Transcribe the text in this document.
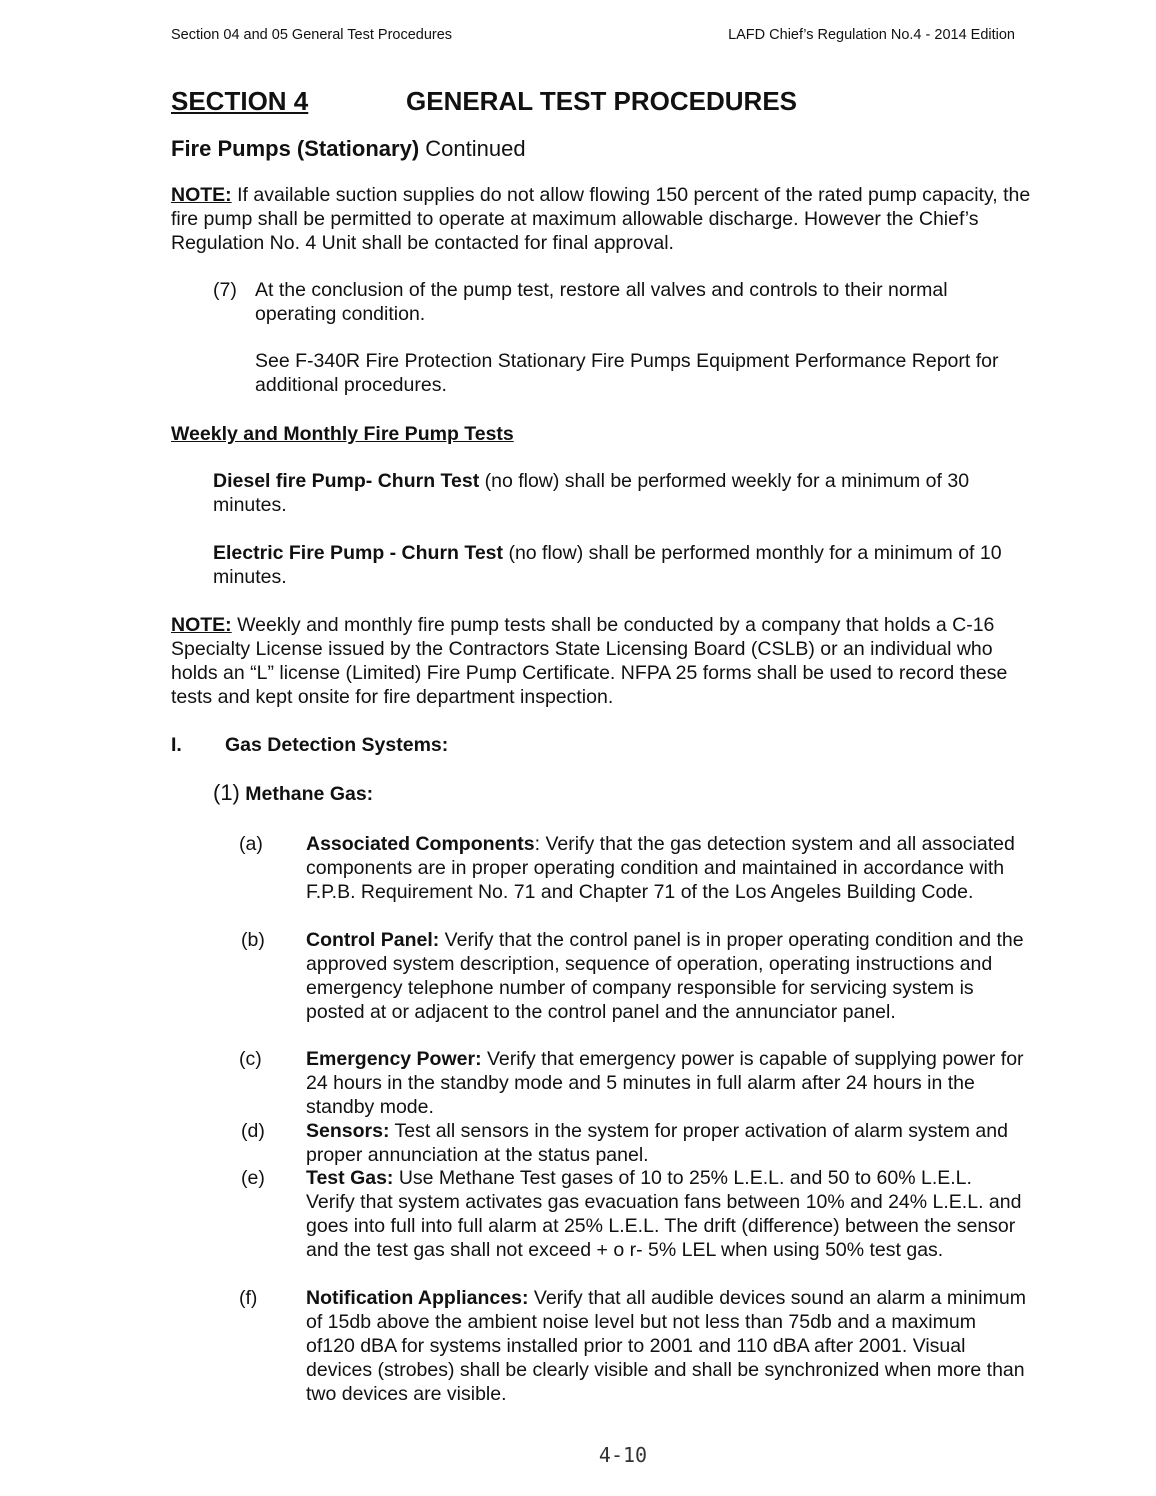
Section 04 and 05 General Test Procedures	LAFD Chief’s Regulation No.4 - 2014 Edition
SECTION 4	GENERAL TEST PROCEDURES
Fire Pumps (Stationary) Continued
NOTE: If available suction supplies do not allow flowing 150 percent of the rated pump capacity, the fire pump shall be permitted to operate at maximum allowable discharge. However the Chief’s Regulation No. 4 Unit shall be contacted for final approval.
(7) At the conclusion of the pump test, restore all valves and controls to their normal operating condition.
See F-340R Fire Protection Stationary Fire Pumps Equipment Performance Report for additional procedures.
Weekly and Monthly Fire Pump Tests
Diesel fire Pump- Churn Test (no flow) shall be performed weekly for a minimum of 30 minutes.
Electric Fire Pump - Churn Test (no flow) shall be performed monthly for a minimum of 10 minutes.
NOTE: Weekly and monthly fire pump tests shall be conducted by a company that holds a C-16 Specialty License issued by the Contractors State Licensing Board (CSLB) or an individual who holds an “L” license (Limited) Fire Pump Certificate. NFPA 25 forms shall be used to record these tests and kept onsite for fire department inspection.
I. Gas Detection Systems:
(1) Methane Gas:
(a) Associated Components: Verify that the gas detection system and all associated components are in proper operating condition and maintained in accordance with F.P.B. Requirement No. 71 and Chapter 71 of the Los Angeles Building Code.
(b) Control Panel: Verify that the control panel is in proper operating condition and the approved system description, sequence of operation, operating instructions and emergency telephone number of company responsible for servicing system is posted at or adjacent to the control panel and the annunciator panel.
(c) Emergency Power: Verify that emergency power is capable of supplying power for 24 hours in the standby mode and 5 minutes in full alarm after 24 hours in the standby mode.
(d) Sensors: Test all sensors in the system for proper activation of alarm system and proper annunciation at the status panel.
(e) Test Gas: Use Methane Test gases of 10 to 25% L.E.L. and 50 to 60% L.E.L. Verify that system activates gas evacuation fans between 10% and 24% L.E.L. and goes into full into full alarm at 25% L.E.L. The drift (difference) between the sensor and the test gas shall not exceed + o r- 5% LEL when using 50% test gas.
(f) Notification Appliances: Verify that all audible devices sound an alarm a minimum of 15db above the ambient noise level but not less than 75db and a maximum of120 dBA for systems installed prior to 2001 and 110 dBA after 2001. Visual devices (strobes) shall be clearly visible and shall be synchronized when more than two devices are visible.
4-10
